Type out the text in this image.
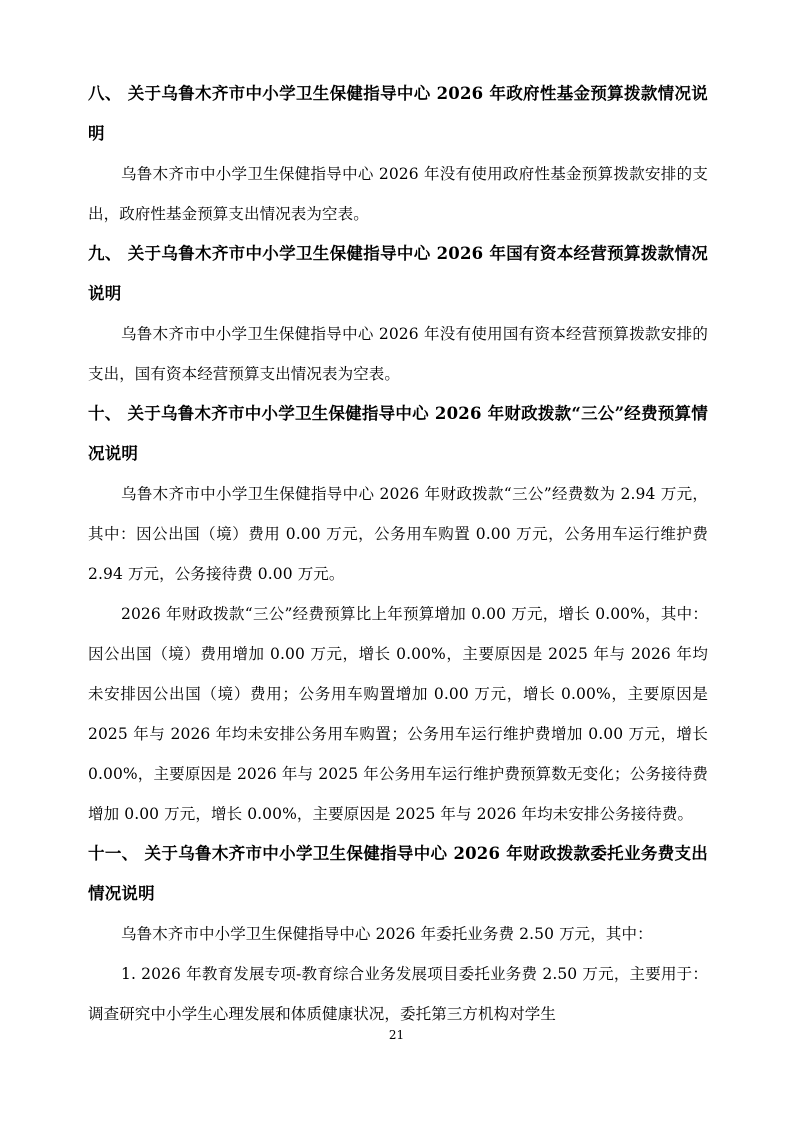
八、 关于乌鲁木齐市中小学卫生保健指导中心 2026 年政府性基金预算拨款情况说明

乌鲁木齐市中小学卫生保健指导中心 2026 年没有使用政府性基金预算拨款安排的支出，政府性基金预算支出情况表为空表。

九、 关于乌鲁木齐市中小学卫生保健指导中心 2026 年国有资本经营预算拨款情况说明

乌鲁木齐市中小学卫生保健指导中心 2026 年没有使用国有资本经营预算拨款安排的支出，国有资本经营预算支出情况表为空表。

十、 关于乌鲁木齐市中小学卫生保健指导中心 2026 年财政拨款“三公”经费预算情况说明

乌鲁木齐市中小学卫生保健指导中心 2026 年财政拨款“三公”经费数为 2.94 万元，其中：因公出国（境）费用 0.00 万元，公务用车购置 0.00 万元，公务用车运行维护费 2.94 万元，公务接待费 0.00 万元。

2026 年财政拨款“三公”经费预算比上年预算增加 0.00 万元，增长 0.00%，其中：因公出国（境）费用增加 0.00 万元，增长 0.00%，主要原因是 2025 年与 2026 年均未安排因公出国（境）费用；公务用车购置增加 0.00 万元，增长 0.00%，主要原因是 2025 年与 2026 年均未安排公务用车购置；公务用车运行维护费增加 0.00 万元，增长 0.00%，主要原因是 2026 年与 2025 年公务用车运行维护费预算数无变化；公务接待费增加 0.00 万元，增长 0.00%，主要原因是 2025 年与 2026 年均未安排公务接待费。

十一、 关于乌鲁木齐市中小学卫生保健指导中心 2026 年财政拨款委托业务费支出情况说明

乌鲁木齐市中小学卫生保健指导中心 2026 年委托业务费 2.50 万元，其中：

1. 2026 年教育发展专项-教育综合业务发展项目委托业务费 2.50 万元，主要用于：调查研究中小学生心理发展和体质健康状况，委托第三方机构对学生

21
